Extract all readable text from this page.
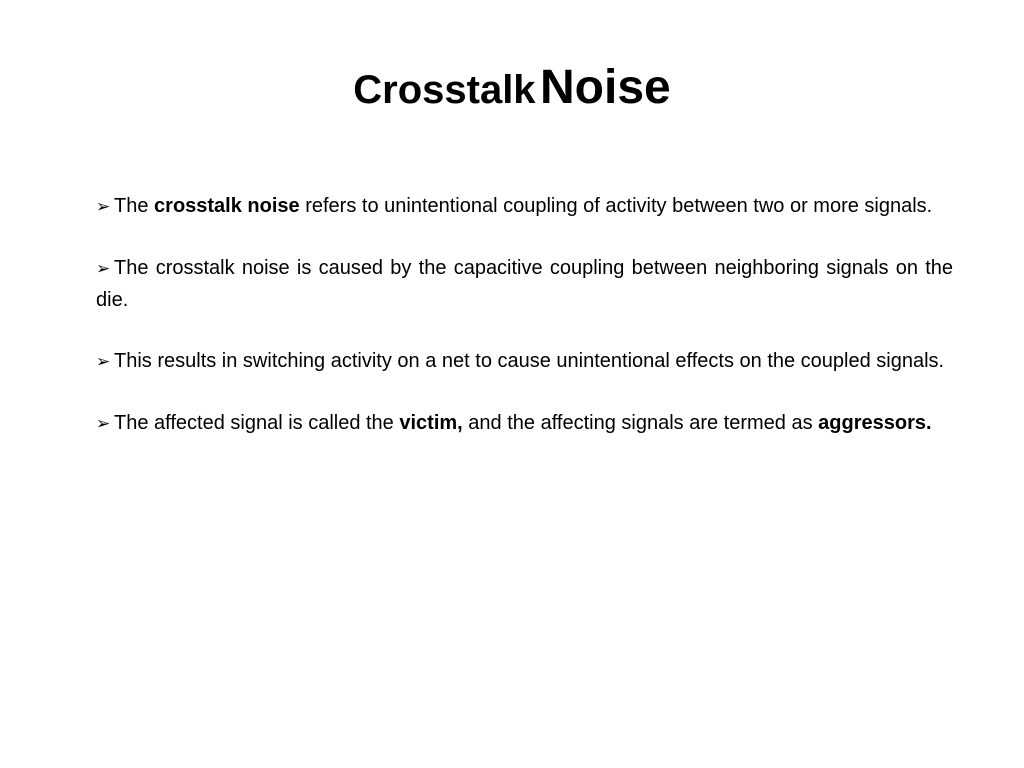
Crosstalk Noise

➢ The crosstalk noise refers to unintentional coupling of activity between two or more signals.

➢ The crosstalk noise is caused by the capacitive coupling between neighboring signals on the die.

➢ This results in switching activity on a net to cause unintentional effects on the coupled signals.

➢ The affected signal is called the victim, and the affecting signals are termed as aggressors.
